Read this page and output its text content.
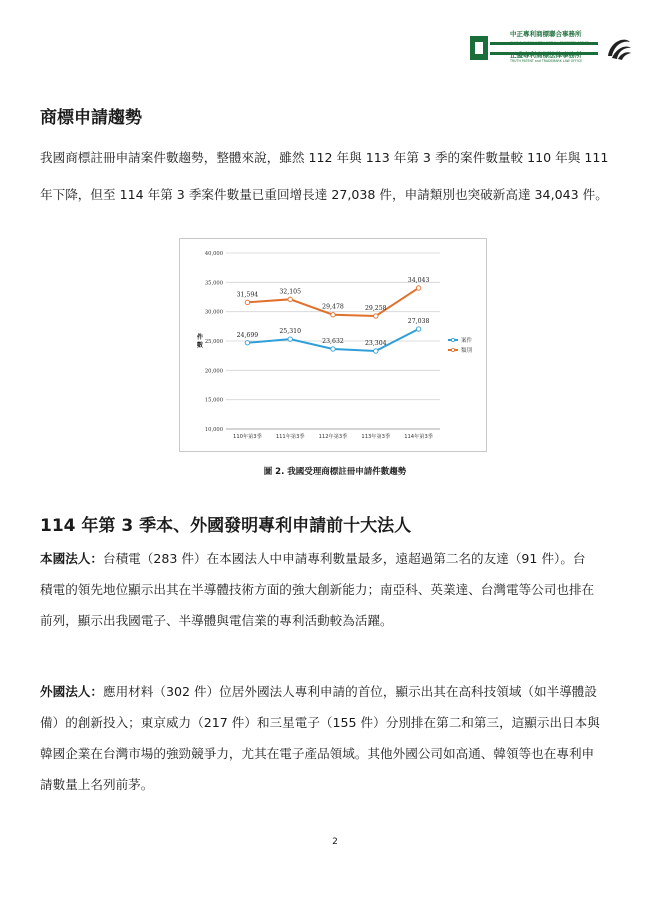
中正專利商標聯合事務所
CHUNG CHENG INTELLECTUAL PROPERTY OFFICE
正盛專利商標法律事務所
TRUTH PATENT and TRADEMARK LAW OFFICE
商標申請趨勢

我國商標註冊申請案件數趨勢，整體來說，雖然 112 年與 113 年第 3 季的案件數量較 110 年與 111
年下降，但至 114 年第 3 季案件數量已重回增長達 27,038 件，申請類別也突破新高達 34,043 件。

10,000
15,000
20,000
25,000
30,000
35,000
40,000
110年第3季	111年第3季	112年第3季	113年第3季	114年第3季
件
數
24,699
25,310
23,632	23,304
27,038
案件
31,594	32,105
29,478	29,258
34,043
類別

圖 2. 我國受理商標註冊申請件數趨勢

114 年第 3 季本、外國發明專利申請前十大法人

本國法人：台積電（283 件）在本國法人中申請專利數量最多，遠超過第二名的友達（91 件）。台
積電的領先地位顯示出其在半導體技術方面的強大創新能力；南亞科、英業達、台灣電等公司也排在
前列，顯示出我國電子、半導體與電信業的專利活動較為活躍。

外國法人：應用材料（302 件）位居外國法人專利申請的首位，顯示出其在高科技領域（如半導體設
備）的創新投入；東京威力（217 件）和三星電子（155 件）分別排在第二和第三，這顯示出日本與
韓國企業在台灣市場的強勁競爭力，尤其在電子產品領域。其他外國公司如高通、韓領等也在專利申
請數量上名列前茅。

2
